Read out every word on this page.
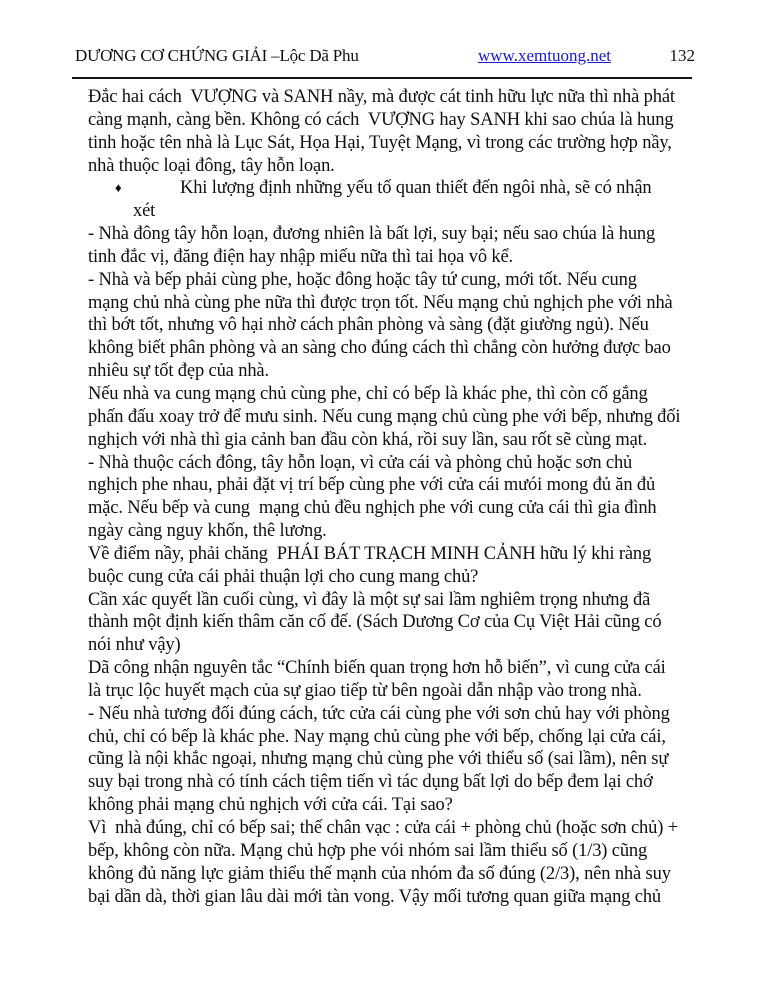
DƯƠNG CƠ CHỨNG GIẢI –Lộc Dã Phu	www.xemtuong.net	132
Đắc hai cách  VƯỢNG và SANH nầy, mà được cát tinh hữu lực nữa thì nhà phát
càng mạnh, càng bền. Không có cách  VƯỢNG hay SANH khi sao chúa là hung
tinh hoặc tên nhà là Lục Sát, Họa Hại, Tuyệt Mạng, vì trong các trường hợp nầy,
nhà thuộc loại đông, tây hỗn loạn.
♦	Khi lượng định những yếu tố quan thiết đến ngôi nhà, sẽ có nhận
xét
- Nhà đông tây hỗn loạn, đương nhiên là bất lợi, suy bại; nếu sao chúa là hung
tinh đắc vị, đăng điện hay nhập miếu nữa thì tai họa vô kể.
- Nhà và bếp phải cùng phe, hoặc đông hoặc tây tứ cung, mới tốt. Nếu cung
mạng chủ nhà cùng phe nữa thì được trọn tốt. Nếu mạng chủ nghịch phe với nhà
thì bớt tốt, nhưng vô hại nhờ cách phân phòng và sàng (đặt giường ngủ). Nếu
không biết phân phòng và an sàng cho đúng cách thì chẳng còn hưởng được bao
nhiêu sự tốt đẹp của nhà.
Nếu nhà va cung mạng chủ cùng phe, chỉ có bếp là khác phe, thì còn cố gắng
phấn đấu xoay trở để mưu sinh. Nếu cung mạng chủ cùng phe với bếp, nhưng đối
nghịch với nhà thì gia cảnh ban đầu còn khá, rồi suy lần, sau rốt sẽ cùng mạt.
- Nhà thuộc cách đông, tây hỗn loạn, vì cửa cái và phòng chủ hoặc sơn chủ
nghịch phe nhau, phải đặt vị trí bếp cùng phe với cửa cái mưói mong đủ ăn đủ
mặc. Nếu bếp và cung  mạng chủ đều nghịch phe với cung cửa cái thì gia đình
ngày càng nguy khốn, thê lương.
Về điểm nầy, phải chăng  PHÁI BÁT TRẠCH MINH CẢNH hữu lý khi ràng
buộc cung cửa cái phải thuận lợi cho cung mang chủ?
Cần xác quyết lần cuối cùng, vì đây là một sự sai lầm nghiêm trọng nhưng đã
thành một định kiến thâm căn cố đế. (Sách Dương Cơ của Cụ Việt Hải cũng có
nói như vậy)
Dã công nhận nguyên tắc “Chính biến quan trọng hơn hỗ biến”, vì cung cửa cái
là trục lộc huyết mạch của sự giao tiếp từ bên ngoài dẫn nhập vào trong nhà.
- Nếu nhà tương đối đúng cách, tức cửa cái cùng phe với sơn chủ hay với phòng
chủ, chỉ có bếp là khác phe. Nay mạng chủ cùng phe với bếp, chống lại cửa cái,
cũng là nội khắc ngoại, nhưng mạng chủ cùng phe với thiểu số (sai lầm), nên sự
suy bại trong nhà có tính cách tiệm tiến vì tác dụng bất lợi do bếp đem lại chớ
không phải mạng chủ nghịch với cửa cái. Tại sao?
Vì  nhà đúng, chỉ có bếp sai; thế chân vạc : cửa cái + phòng chủ (hoặc sơn chủ) +
bếp, không còn nữa. Mạng chủ hợp phe vói nhóm sai lầm thiểu số (1/3) cũng
không đủ năng lực giảm thiểu thế mạnh của nhóm đa số đúng (2/3), nên nhà suy
bại dần dà, thời gian lâu dài mới tàn vong. Vậy mối tương quan giữa mạng chủ
